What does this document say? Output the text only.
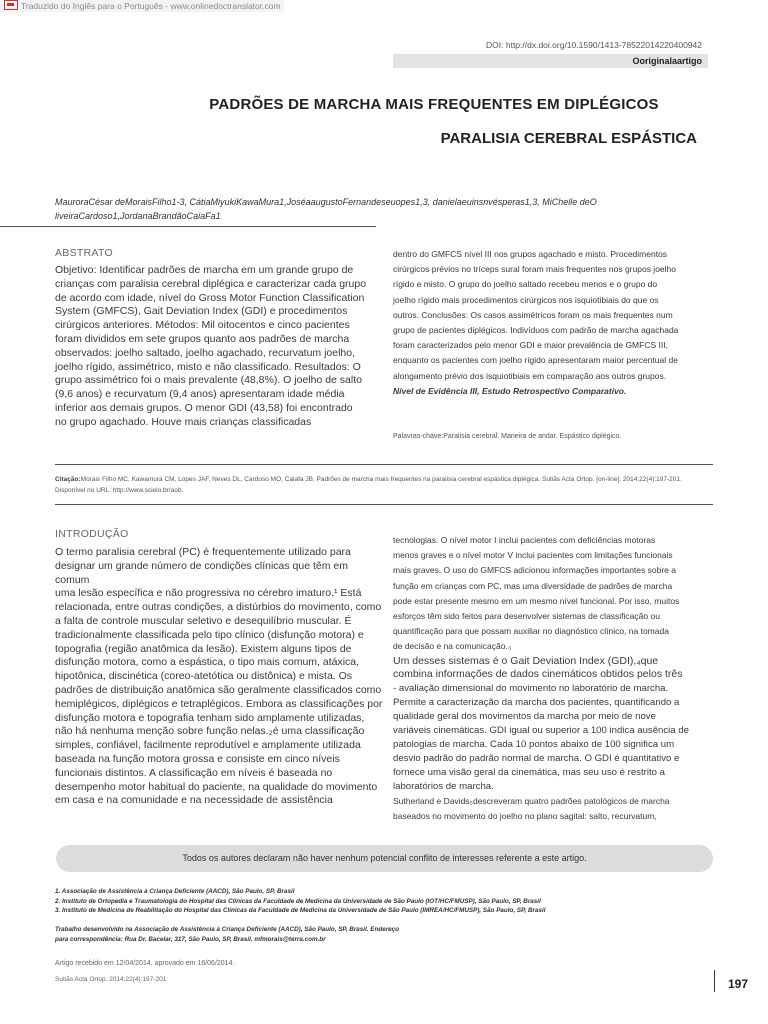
Traduzido do Inglês para o Português - www.onlinedoctranslator.com
DOI: http://dx.doi.org/10.1590/1413-78522014220400942
Ooriginalaartigo
PADRÕES DE MARCHA MAIS FREQUENTES EM DIPLÉGICOS
PARALISIA CEREBRAL ESPÁSTICA
MauroraCésar deMoraisFilho1-3, CátiaMiyukiKawaMura1,JoséaaugustoFernandeseuopes1,3, danielaeuinsnvésperas1,3, MiChelle deO
liveiraCardoso1,JordanaBrandãoCaiaFa1
ABSTRATO
Objetivo: Identificar padrões de marcha em um grande grupo de
crianças com paralisia cerebral diplégica e caracterizar cada grupo
de acordo com idade, nível do Gross Motor Function Classification
System (GMFCS), Gait Deviation Index (GDI) e procedimentos
cirúrgicos anteriores. Métodos: Mil oitocentos e cinco pacientes
foram divididos em sete grupos quanto aos padrões de marcha
observados: joelho saltado, joelho agachado, recurvatum joelho,
joelho rígido, assimétrico, misto e não classificado. Resultados: O
grupo assimétrico foi o mais prevalente (48,8%). O joelho de salto
(9,6 anos) e recurvatum (9,4 anos) apresentaram idade média
inferior aos demais grupos. O menor GDI (43,58) foi encontrado
no grupo agachado. Houve mais crianças classificadas
dentro do GMFCS nível III nos grupos agachado e misto. Procedimentos
cirúrgicos prévios no tríceps sural foram mais frequentes nos grupos joelho
rígido e misto. O grupo do joelho saltado recebeu menos e o grupo do
joelho rígido mais procedimentos cirúrgicos nos isquiotibiais do que os
outros. Conclusões: Os casos assimétricos foram os mais frequentes num
grupo de pacientes diplégicos. Indivíduos com padrão de marcha agachada
foram caracterizados pelo menor GDI e maior prevalência de GMFCS III,
enquanto os pacientes com joelho rígido apresentaram maior percentual de
alongamento prévio dos isquiotibiais em comparação aos outros grupos.
Nível de Evidência III, Estudo Retrospectivo Comparativo.
Palavras-chave:Paralisia cerebral. Maneira de andar. Espástico diplégico.
Citação:Morais Filho MC, Kawamura CM, Lopes JAF, Neves DL, Cardoso MO, Caiafa JB. Padrões de marcha mais frequentes na paralisia cerebral espástica diplégica. Sutiãs Acta Ortop. [on-line]. 2014;22(4):197-201. Disponível no URL: http://www.scielo.br/aob.
INTRODUÇÃO
O termo paralisia cerebral (PC) é frequentemente utilizado para
designar um grande número de condições clínicas que têm em comum
uma lesão específica e não progressiva no cérebro imaturo.¹ Está
relacionada, entre outras condições, a distúrbios do movimento, como
a falta de controle muscular seletivo e desequilíbrio muscular. É
tradicionalmente classificada pelo tipo clínico (disfunção motora) e
topografia (região anatômica da lesão). Existem alguns tipos de
disfunção motora, como a espástica, o tipo mais comum, atáxica,
hipotônica, discinética (coreo-atetótica ou distônica) e mista. Os
padrões de distribuição anatômica são geralmente classificados como
hemiplégicos, diplégicos e tetraplégicos. Embora as classificações por
disfunção motora e topografia tenham sido amplamente utilizadas,
não há nenhuma menção sobre função nelas.₂é uma classificação
simples, confiável, facilmente reprodutível e amplamente utilizada
baseada na função motora grossa e consiste em cinco níveis
funcionais distintos. A classificação em níveis é baseada no
desempenho motor habitual do paciente, na qualidade do movimento
em casa e na comunidade e na necessidade de assistência
tecnologias. O nível motor I inclui pacientes com deficiências motoras
menos graves e o nível motor V inclui pacientes com limitações funcionais
mais graves. O uso do GMFCS adicionou informações importantes sobre a
função em crianças com PC, mas uma diversidade de padrões de marcha
pode estar presente mesmo em um mesmo nível funcional. Por isso, muitos
esforços têm sido feitos para desenvolver sistemas de classificação ou
quantificação para que possam auxiliar no diagnóstico clínico, na tomada
de decisão e na comunicação.₃
Um desses sistemas é o Gait Deviation Index (GDI),₄que
combina informações de dados cinemáticos obtidos pelos três
- avaliação dimensional do movimento no laboratório de marcha.
Permite a caracterização da marcha dos pacientes, quantificando a
qualidade geral dos movimentos da marcha por meio de nove
variáveis cinemáticas. GDI igual ou superior a 100 indica ausência de
patologias de marcha. Cada 10 pontos abaixo de 100 significa um
desvio padrão do padrão normal de marcha. O GDI é quantitativo e
fornece uma visão geral da cinemática, mas seu uso é restrito a
laboratórios de marcha.
Sutherland e Davids₅descreveram quatro padrões patológicos de marcha
baseados no movimento do joelho no plano sagital: salto, recurvatum,
Todos os autores declaram não haver nenhum potencial conflito de interesses referente a este artigo.
1. Associação de Assistência à Criança Deficiente (AACD), São Paulo, SP, Brasil
2. Instituto de Ortopedia e Traumatologia do Hospital das Clínicas da Faculdade de Medicina da Universidade de São Paulo (IOT/HC/FMUSP), São Paulo, SP, Brasil
3. Instituto de Medicina de Reabilitação do Hospital das Clínicas da Faculdade de Medicina da Universidade de São Paulo (IMREA/HC/FMUSP), São Paulo, SP, Brasil
Trabalho desenvolvido na Associação de Assistência à Criança Deficiente (AACD), São Paulo, SP, Brasil. Endereço
para correspondência: Rua Dr. Bacelar, 317, São Paulo, SP, Brasil. mfmorais@terra.com.br
Artigo recebido em 12/04/2014, aprovado em 16/06/2014.
Sutiãs Acta Ortop. 2014;22(4):197-201	197
